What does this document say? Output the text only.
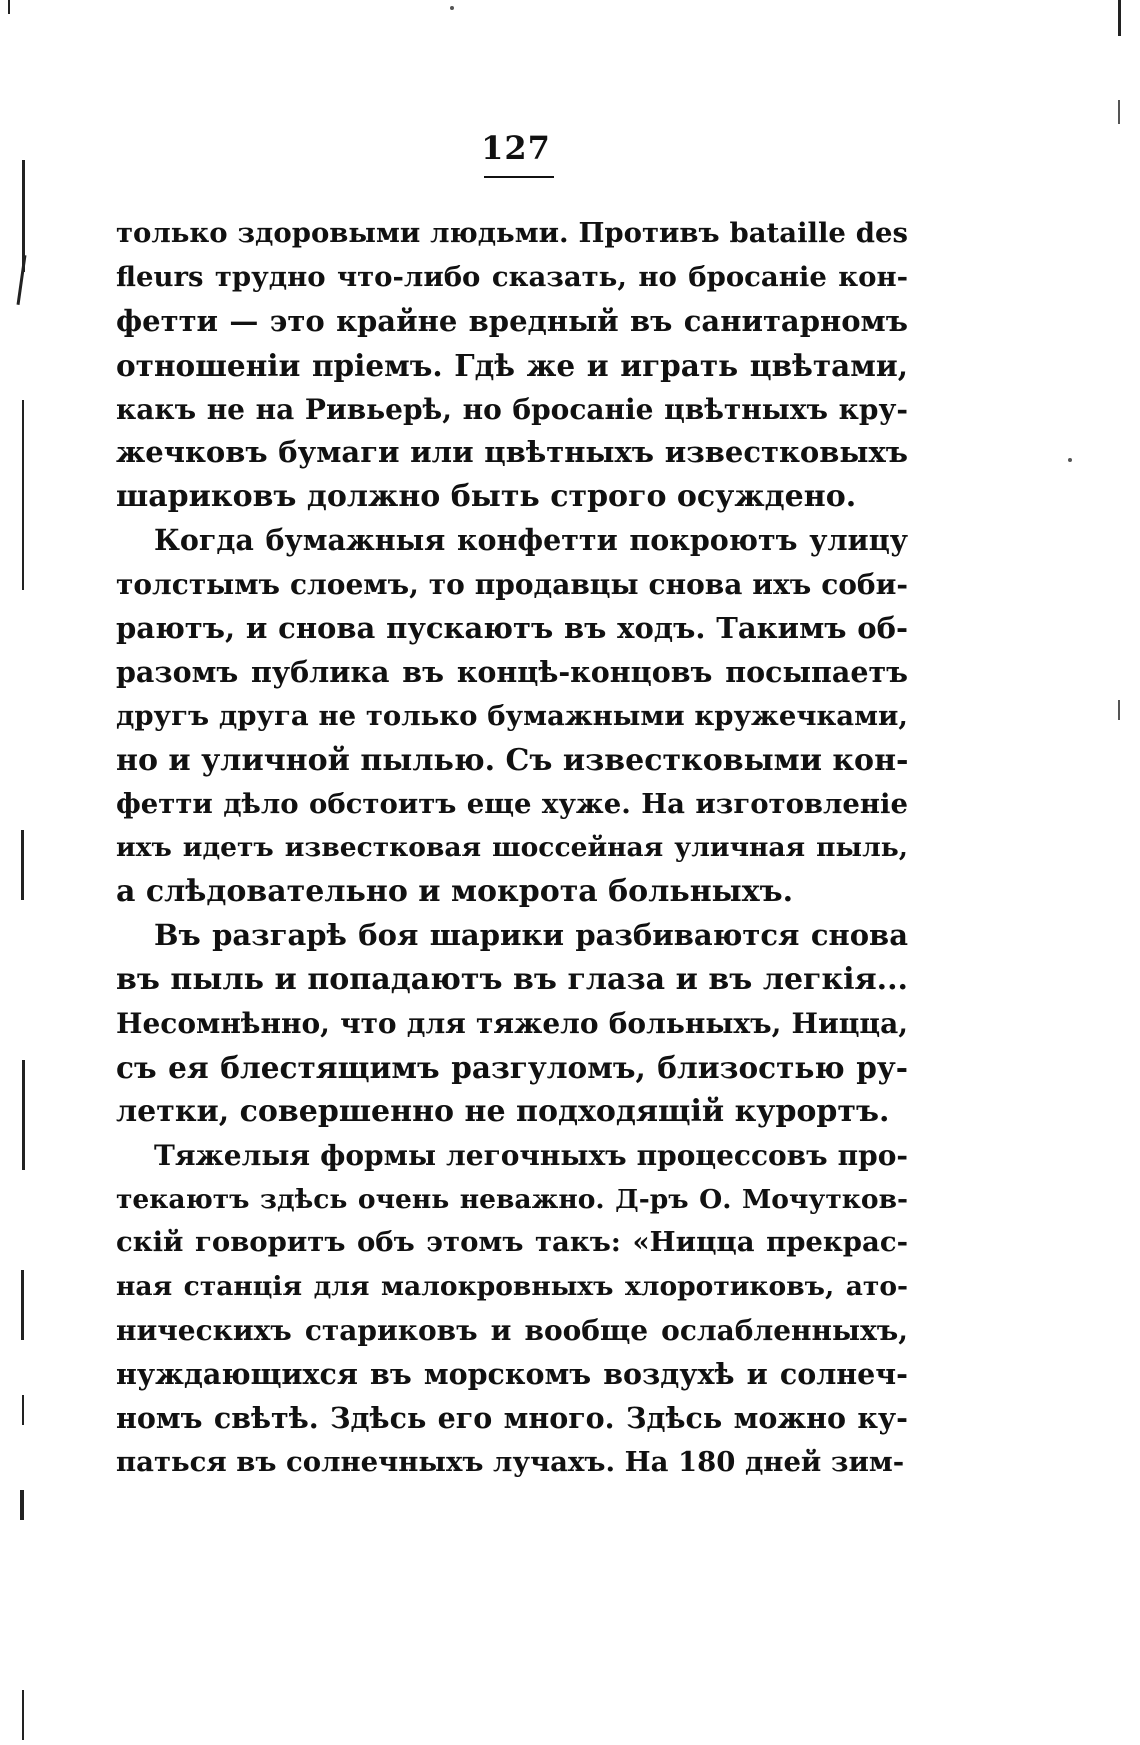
127
только здоровыми людьми. Противъ bataille des
fleurs трудно что-либо сказать, но бросанie кон-
фетти — это крайне вредный въ санитарномъ
отношенiи прiемъ. Гдѣ же и играть цвѣтами,
какъ не на Ривьерѣ, но бросанie цвѣтныхъ кру-
жечковъ бумаги или цвѣтныхъ известковыхъ
шариковъ должно быть строго осуждено.
Когда бумажныя конфетти покроютъ улицу
толстымъ слоемъ, то продавцы снова ихъ соби-
раютъ, и снова пускаютъ въ ходъ. Такимъ об-
разомъ публика въ концѣ-концовъ посыпаетъ
другъ друга не только бумажными кружечками,
но и уличной пылью. Съ известковыми кон-
фетти дѣло обстоитъ еще хуже. На изготовленie
ихъ идетъ известковая шоссейная уличная пыль,
а слѣдовательно и мокрота больныхъ.
Въ разгарѣ боя шарики разбиваются снова
въ пыль и попадаютъ въ глаза и въ легкiя...
Несомнѣнно, что для тяжело больныхъ, Ницца,
съ ея блестящимъ разгуломъ, близостью ру-
летки, совершенно не подходящiй курортъ.
Тяжелыя формы легочныхъ процессовъ про-
текаютъ здѣсь очень неважно. Д-ръ О. Мочутков-
скiй говоритъ объ этомъ такъ: «Ницца прекрас-
ная станцiя для малокровныхъ хлоротиковъ, ато-
ническихъ стариковъ и вообще ослабленныхъ,
нуждающихся въ морскомъ воздухѣ и солнеч-
номъ свѣтѣ. Здѣсь его много. Здѣсь можно ку-
паться въ солнечныхъ лучахъ. На 180 дней зим-
